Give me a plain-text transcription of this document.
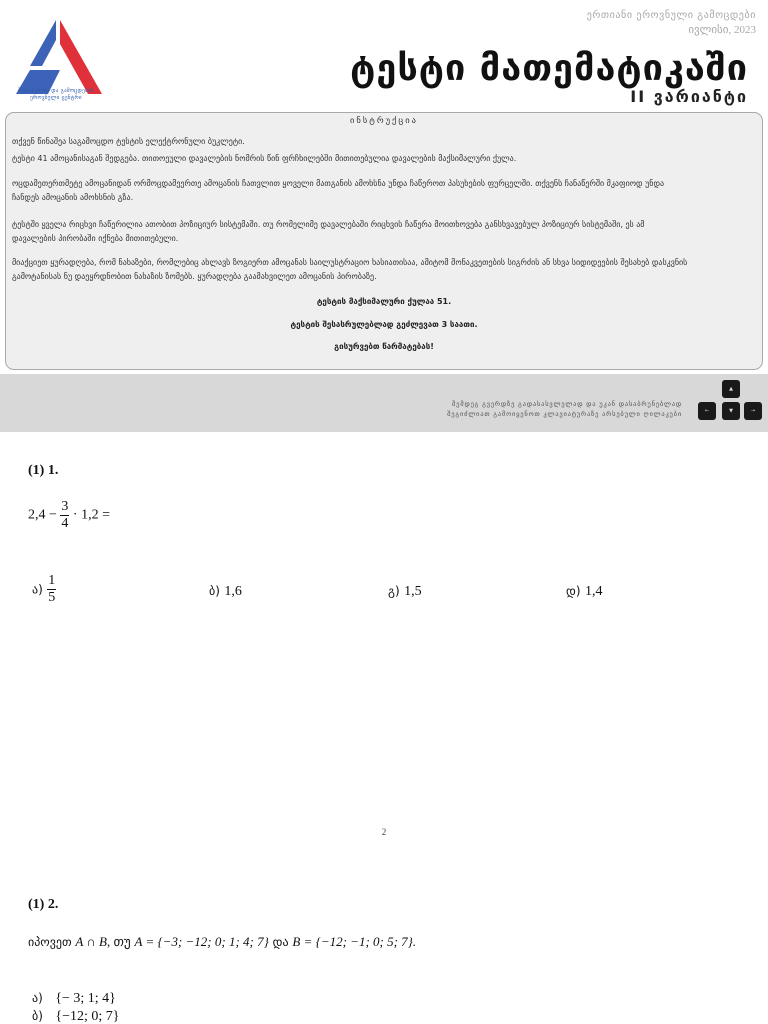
შეფასებისა და გამოცდების
ეროვნული ცენტრი
ერთიანი ეროვნული გამოცდები
ივლისი, 2023
ტესტი მათემატიკაში
II ვარიანტი
ინსტრუქცია
თქვენ წინაშეა საგამოცდო ტესტის ელექტრონული ბუკლეტი.
ტესტი 41 ამოცანისაგან შედგება. თითოეული დავალების ნომრის წინ ფრჩხილებში მითითებულია დავალების მაქსიმალური ქულა.
ოცდამეთერთმეტე ამოცანიდან ორმოცდამეერთე ამოცანის ჩათვლით ყოველი მათგანის ამოხსნა უნდა ჩაწეროთ პასუხების ფურცელში. თქვენს ჩანაწერში მკაფიოდ უნდა
ჩანდეს ამოცანის ამოხსნის გზა.
ტესტში ყველა რიცხვი ჩაწერილია ათობით პოზიციურ სისტემაში. თუ რომელიმე დავალებაში რიცხვის ჩაწერა მოითხოვება განსხვავებულ პოზიციურ სისტემაში, ეს ამ
დავალების პირობაში იქნება მითითებული.
მიაქციეთ ყურადღება, რომ ნახაზები, რომლებიც ახლავს ზოგიერთ ამოცანას საილუსტრაციო ხასიათისაა, ამიტომ მონაკვეთების სიგრძის ან სხვა სიდიდეების შესახებ დასკვნის
გამოტანისას ნუ დაეყრდნობით ნახაზის ზომებს. ყურადღება გაამახვილეთ ამოცანის პირობაზე.
ტესტის მაქსიმალური ქულაა 51.
ტესტის შესასრულებლად გეძლევათ 3 საათი.
გისურვებთ წარმატებას!
შემდეგ გვერდზე გადასასვლელად და უკან დასაბრუნებლად
შეგიძლიათ გამოიყენოთ კლავიატურაზე არსებული ღილაკები
▲
←	▼	→
(1) 1.
$2,4 - \frac{3}{4} \cdot 1,2$ =
ა) $\frac{1}{5}$	ბ) 1,6	გ) 1,5	დ) 1,4
2
(1) 2.
იპოვეთ A ∩ B, თუ A = {−3; −12; 0; 1; 4; 7} და B = {−12; −1; 0; 5; 7}.
ა) {− 3; 1; 4}
ბ) {−12; 0; 7}
